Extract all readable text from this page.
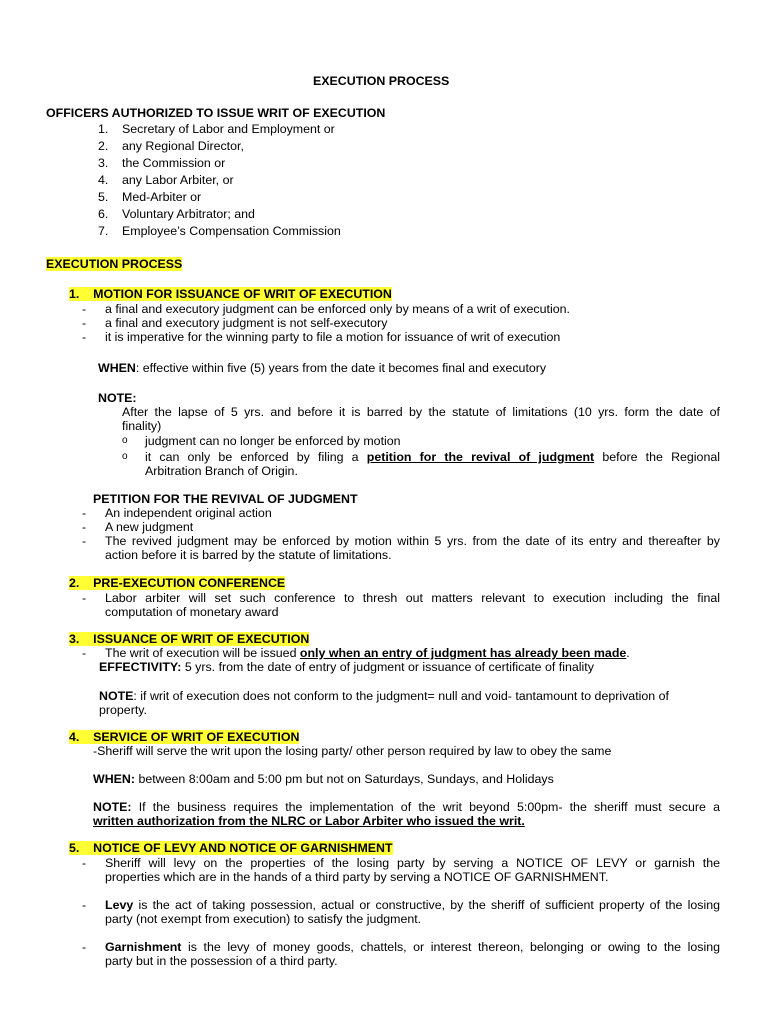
EXECUTION PROCESS
OFFICERS AUTHORIZED TO ISSUE WRIT OF EXECUTION
1. Secretary of Labor and Employment or
2. any Regional Director,
3. the Commission or
4. any Labor Arbiter, or
5. Med-Arbiter or
6. Voluntary Arbitrator; and
7. Employee’s Compensation Commission
EXECUTION PROCESS
1. MOTION FOR ISSUANCE OF WRIT OF EXECUTION
- a final and executory judgment can be enforced only by means of a writ of execution.
- a final and executory judgment is not self-executory
- it is imperative for the winning party to file a motion for issuance of writ of execution
WHEN: effective within five (5) years from the date it becomes final and executory
NOTE:
After the lapse of 5 yrs. and before it is barred by the statute of limitations (10 yrs. form the date of
finality)
o judgment can no longer be enforced by motion
o it can only be enforced by filing a petition for the revival of judgment before the Regional
Arbitration Branch of Origin.
PETITION FOR THE REVIVAL OF JUDGMENT
- An independent original action
- A new judgment
- The revived judgment may be enforced by motion within 5 yrs. from the date of its entry and thereafter by
action before it is barred by the statute of limitations.
2. PRE-EXECUTION CONFERENCE
- Labor arbiter will set such conference to thresh out matters relevant to execution including the final
computation of monetary award
3. ISSUANCE OF WRIT OF EXECUTION
- The writ of execution will be issued only when an entry of judgment has already been made.
EFFECTIVITY: 5 yrs. from the date of entry of judgment or issuance of certificate of finality
NOTE: if writ of execution does not conform to the judgment= null and void- tantamount to deprivation of
property.
4. SERVICE OF WRIT OF EXECUTION
-Sheriff will serve the writ upon the losing party/ other person required by law to obey the same
WHEN: between 8:00am and 5:00 pm but not on Saturdays, Sundays, and Holidays
NOTE: If the business requires the implementation of the writ beyond 5:00pm- the sheriff must secure a
written authorization from the NLRC or Labor Arbiter who issued the writ.
5. NOTICE OF LEVY AND NOTICE OF GARNISHMENT
- Sheriff will levy on the properties of the losing party by serving a NOTICE OF LEVY or garnish the
properties which are in the hands of a third party by serving a NOTICE OF GARNISHMENT.
- Levy is the act of taking possession, actual or constructive, by the sheriff of sufficient property of the losing
party (not exempt from execution) to satisfy the judgment.
- Garnishment is the levy of money goods, chattels, or interest thereon, belonging or owing to the losing
party but in the possession of a third party.
